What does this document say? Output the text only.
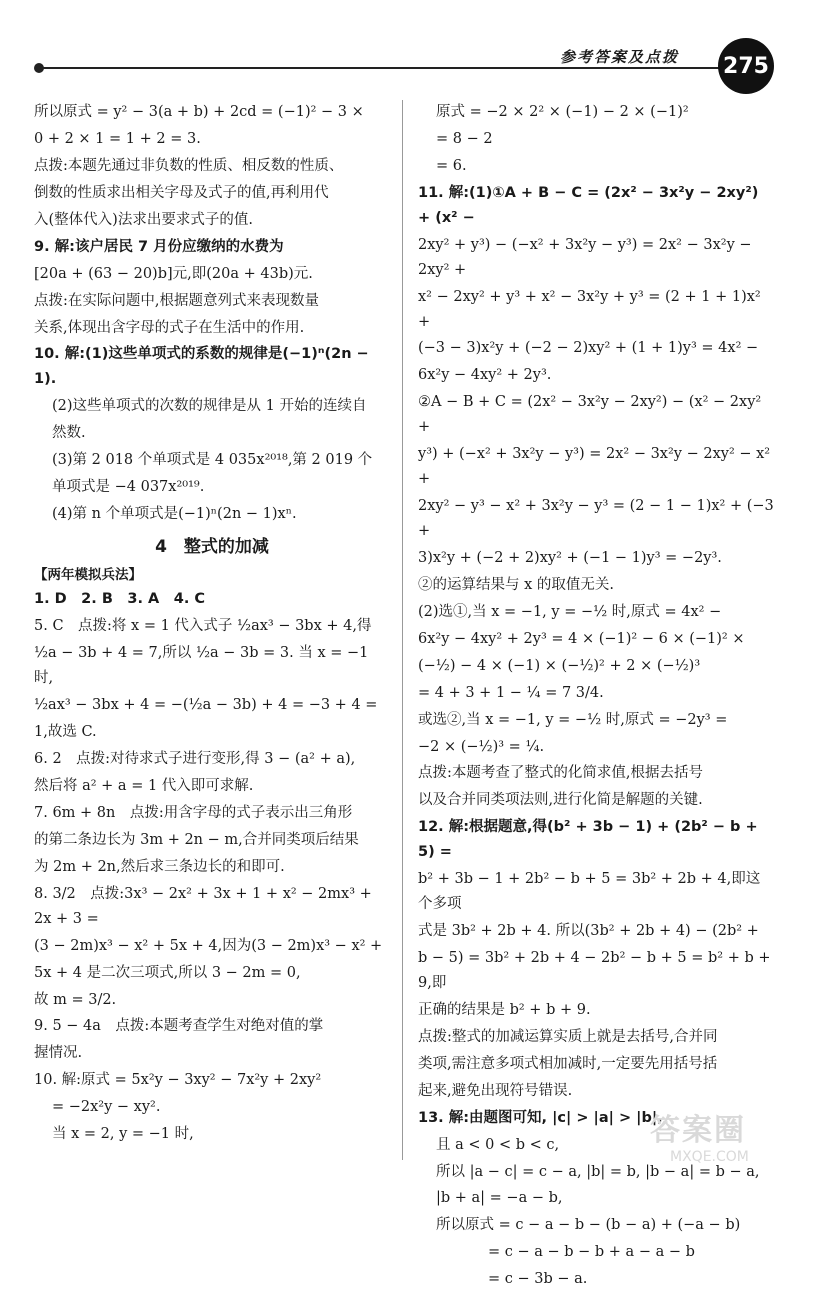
参考答案及点拨 275

所以原式 = y² − 3(a + b) + 2cd = (−1)² − 3 ×

0 + 2 × 1 = 1 + 2 = 3.

点拨:本题先通过非负数的性质、相反数的性质、

倒数的性质求出相关字母及式子的值,再利用代

入(整体代入)法求出要求式子的值.

9. 解:该户居民 7 月份应缴纳的水费为

[20a + (63 − 20)b]元,即(20a + 43b)元.

点拨:在实际问题中,根据题意列式来表现数量

关系,体现出含字母的式子在生活中的作用.

10. 解:(1)这些单项式的系数的规律是(−1)ⁿ(2n − 1).

(2)这些单项式的次数的规律是从 1 开始的连续自

然数.

(3)第 2 018 个单项式是 4 035x²⁰¹⁸,第 2 019 个

单项式是 −4 037x²⁰¹⁹.

(4)第 n 个单项式是(−1)ⁿ(2n − 1)xⁿ.

4　整式的加减
【两年模拟兵法】

1. D　2. B　3. A　4. C

5. C　点拨:将 x = 1 代入式子 ½ax³ − 3bx + 4,得

½a − 3b + 4 = 7,所以 ½a − 3b = 3. 当 x = −1 时,

½ax³ − 3bx + 4 = −(½a − 3b) + 4 = −3 + 4 =

1,故选 C.

6. 2　点拨:对待求式子进行变形,得 3 − (a² + a),

然后将 a² + a = 1 代入即可求解.

7. 6m + 8n　点拨:用含字母的式子表示出三角形

的第二条边长为 3m + 2n − m,合并同类项后结果

为 2m + 2n,然后求三条边长的和即可.

8. 3/2　点拨:3x³ − 2x² + 3x + 1 + x² − 2mx³ + 2x + 3 =

(3 − 2m)x³ − x² + 5x + 4,因为(3 − 2m)x³ − x² +

5x + 4 是二次三项式,所以 3 − 2m = 0,

故 m = 3/2.

9. 5 − 4a　点拨:本题考查学生对绝对值的掌

握情况.

10. 解:原式 = 5x²y − 3xy² − 7x²y + 2xy²

= −2x²y − xy².

当 x = 2, y = −1 时,

原式 = −2 × 2² × (−1) − 2 × (−1)²

= 8 − 2

= 6.

11. 解:(1)①A + B − C = (2x² − 3x²y − 2xy²) + (x² −

2xy² + y³) − (−x² + 3x²y − y³) = 2x² − 3x²y − 2xy² +

x² − 2xy² + y³ + x² − 3x²y + y³ = (2 + 1 + 1)x² +

(−3 − 3)x²y + (−2 − 2)xy² + (1 + 1)y³ = 4x² −

6x²y − 4xy² + 2y³.

②A − B + C = (2x² − 3x²y − 2xy²) − (x² − 2xy² +

y³) + (−x² + 3x²y − y³) = 2x² − 3x²y − 2xy² − x² +

2xy² − y³ − x² + 3x²y − y³ = (2 − 1 − 1)x² + (−3 +

3)x²y + (−2 + 2)xy² + (−1 − 1)y³ = −2y³.

②的运算结果与 x 的取值无关.

(2)选①,当 x = −1, y = −½ 时,原式 = 4x² −

6x²y − 4xy² + 2y³ = 4 × (−1)² − 6 × (−1)² ×

(−½) − 4 × (−1) × (−½)² + 2 × (−½)³

= 4 + 3 + 1 − ¼ = 7 3/4.

或选②,当 x = −1, y = −½ 时,原式 = −2y³ =

−2 × (−½)³ = ¼.

点拨:本题考查了整式的化简求值,根据去括号

以及合并同类项法则,进行化简是解题的关键.

12. 解:根据题意,得(b² + 3b − 1) + (2b² − b + 5) =

b² + 3b − 1 + 2b² − b + 5 = 3b² + 2b + 4,即这个多项

式是 3b² + 2b + 4. 所以(3b² + 2b + 4) − (2b² +

b − 5) = 3b² + 2b + 4 − 2b² − b + 5 = b² + b + 9,即

正确的结果是 b² + b + 9.

点拨:整式的加减运算实质上就是去括号,合并同

类项,需注意多项式相加减时,一定要先用括号括

起来,避免出现符号错误.

13. 解:由题图可知, |c| > |a| > |b|,

且 a < 0 < b < c,

所以 |a − c| = c − a, |b| = b, |b − a| = b − a,

|b + a| = −a − b,

所以原式 = c − a − b − (b − a) + (−a − b)

= c − a − b − b + a − a − b

= c − 3b − a.

答案圈
MXQE.COM
